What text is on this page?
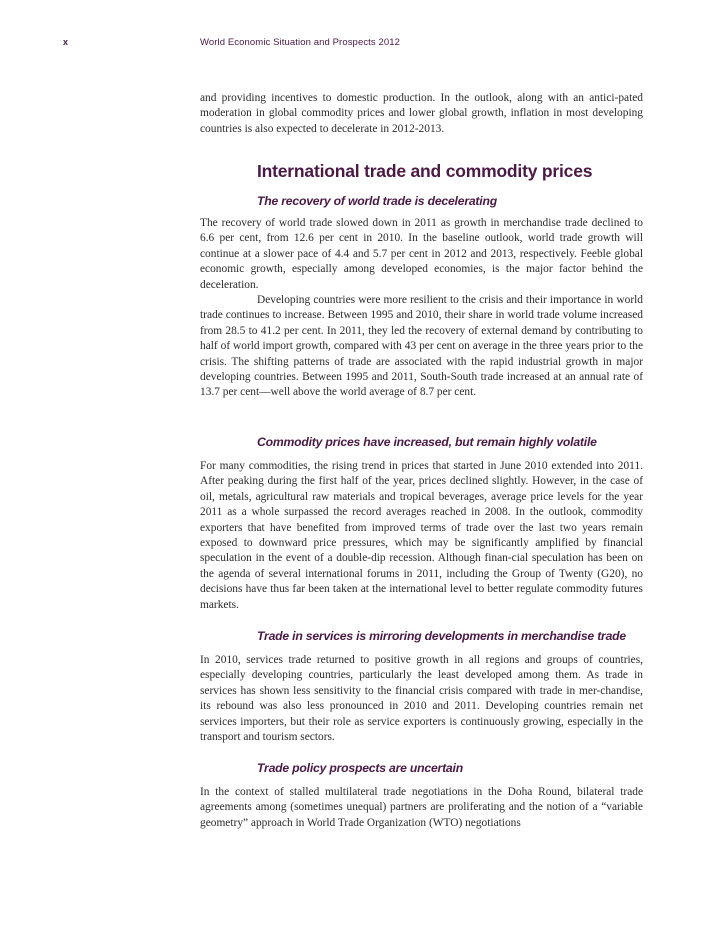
x	World Economic Situation and Prospects 2012

and providing incentives to domestic production. In the outlook, along with an antici-pated moderation in global commodity prices and lower global growth, inflation in most developing countries is also expected to decelerate in 2012-2013.

International trade and commodity prices
The recovery of world trade is decelerating

The recovery of world trade slowed down in 2011 as growth in merchandise trade declined to 6.6 per cent, from 12.6 per cent in 2010. In the baseline outlook, world trade growth will continue at a slower pace of 4.4 and 5.7 per cent in 2012 and 2013, respectively. Feeble global economic growth, especially among developed economies, is the major factor behind the deceleration.

Developing countries were more resilient to the crisis and their importance in world trade continues to increase. Between 1995 and 2010, their share in world trade volume increased from 28.5 to 41.2 per cent. In 2011, they led the recovery of external demand by contributing to half of world import growth, compared with 43 per cent on average in the three years prior to the crisis. The shifting patterns of trade are associated with the rapid industrial growth in major developing countries. Between 1995 and 2011, South-South trade increased at an annual rate of 13.7 per cent—well above the world average of 8.7 per cent.

Commodity prices have increased, but remain highly volatile

For many commodities, the rising trend in prices that started in June 2010 extended into 2011. After peaking during the first half of the year, prices declined slightly. However, in the case of oil, metals, agricultural raw materials and tropical beverages, average price levels for the year 2011 as a whole surpassed the record averages reached in 2008. In the outlook, commodity exporters that have benefited from improved terms of trade over the last two years remain exposed to downward price pressures, which may be significantly amplified by financial speculation in the event of a double-dip recession. Although finan-cial speculation has been on the agenda of several international forums in 2011, including the Group of Twenty (G20), no decisions have thus far been taken at the international level to better regulate commodity futures markets.

Trade in services is mirroring developments in merchandise trade

In 2010, services trade returned to positive growth in all regions and groups of countries, especially developing countries, particularly the least developed among them. As trade in services has shown less sensitivity to the financial crisis compared with trade in mer-chandise, its rebound was also less pronounced in 2010 and 2011. Developing countries remain net services importers, but their role as service exporters is continuously growing, especially in the transport and tourism sectors.

Trade policy prospects are uncertain

In the context of stalled multilateral trade negotiations in the Doha Round, bilateral trade agreements among (sometimes unequal) partners are proliferating and the notion of a “variable geometry” approach in World Trade Organization (WTO) negotiations
